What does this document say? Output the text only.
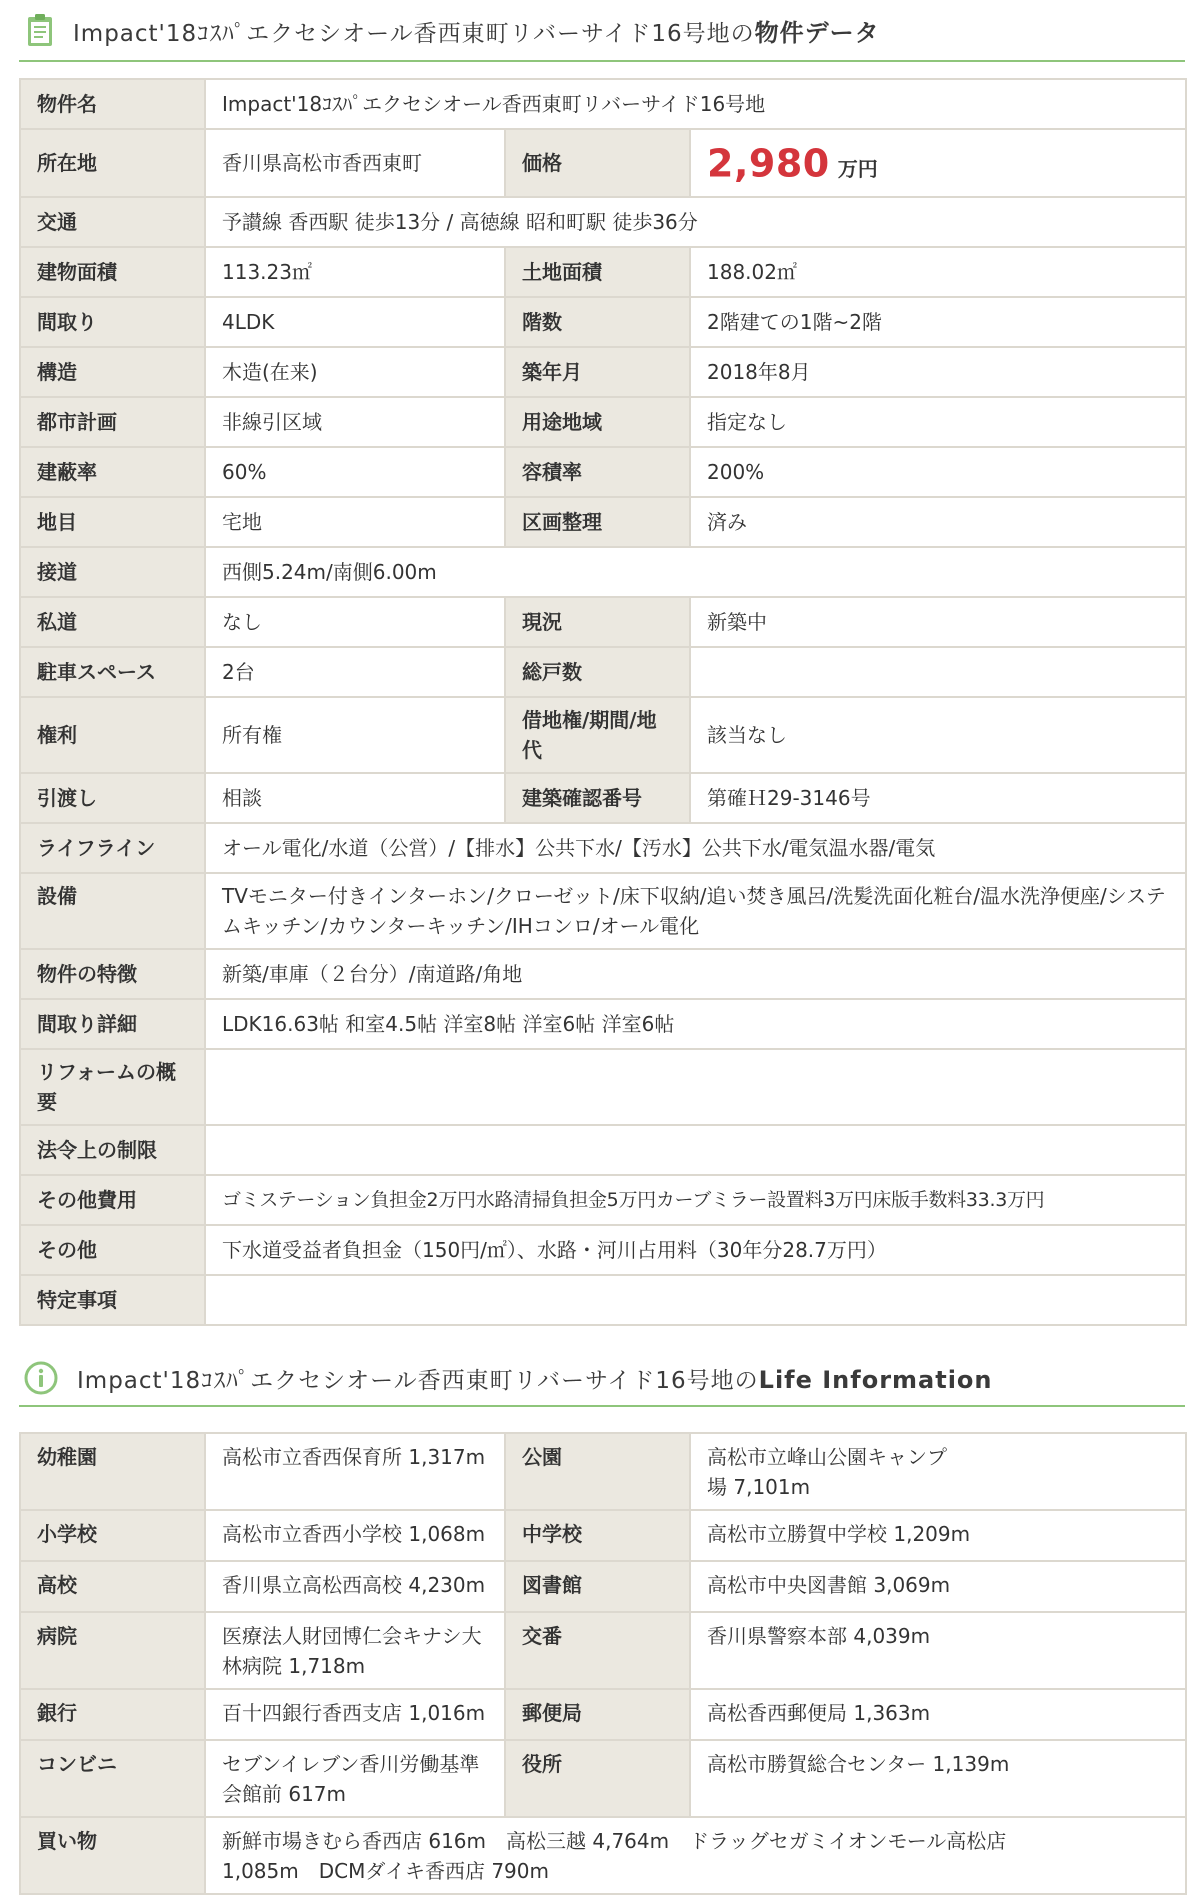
Impact'18ｺｽﾊﾟエクセシオール香西東町リバーサイド16号地の物件データ
物件名	Impact'18ｺｽﾊﾟエクセシオール香西東町リバーサイド16号地		
所在地	香川県高松市香西東町	価格	2,980 万円
交通	予讃線 香西駅 徒歩13分 / 高徳線 昭和町駅 徒歩36分		
建物面積	113.23㎡	土地面積	188.02㎡
間取り	4LDK	階数	2階建ての1階~2階
構造	木造(在来)	築年月	2018年8月
都市計画	非線引区域	用途地域	指定なし
建蔽率	60%	容積率	200%
地目	宅地	区画整理	済み
接道	西側5.24m/南側6.00m		
私道	なし	現況	新築中
駐車スペース	2台	総戸数	
権利	所有権	借地権/期間/地代	該当なし
引渡し	相談	建築確認番号	第確Ｈ29-3146号
ライフライン	オール電化/水道（公営）/【排水】公共下水/【汚水】公共下水/電気温水器/電気		
設備	TVモニター付きインターホン/クローゼット/床下収納/追い焚き風呂/洗髪洗面化粧台/温水洗浄便座/システムキッチン/カウンターキッチン/IHコンロ/オール電化		
物件の特徴	新築/車庫（２台分）/南道路/角地		
間取り詳細	LDK16.63帖 和室4.5帖 洋室8帖 洋室6帖 洋室6帖		
リフォームの概要			
法令上の制限			
その他費用	ゴミステーション負担金2万円水路清掃負担金5万円カーブミラー設置料3万円床版手数料33.3万円		
その他	下水道受益者負担金（150円/㎡）、水路・河川占用料（30年分28.7万円）		
特定事項			
Impact'18ｺｽﾊﾟエクセシオール香西東町リバーサイド16号地のLife Information
幼稚園	高松市立香西保育所 1,317m	公園	高松市立峰山公園キャンプ場 7,101m
小学校	高松市立香西小学校 1,068m	中学校	高松市立勝賀中学校 1,209m
高校	香川県立高松西高校 4,230m	図書館	高松市中央図書館 3,069m
病院	医療法人財団博仁会キナシ大林病院 1,718m	交番	香川県警察本部 4,039m
銀行	百十四銀行香西支店 1,016m	郵便局	高松香西郵便局 1,363m
コンビニ	セブンイレブン香川労働基準会館前 617m	役所	高松市勝賀総合センター 1,139m
買い物	新鮮市場きむら香西店 616m　高松三越 4,764m　ドラッグセガミイオンモール高松店 1,085m　DCMダイキ香西店 790m		
